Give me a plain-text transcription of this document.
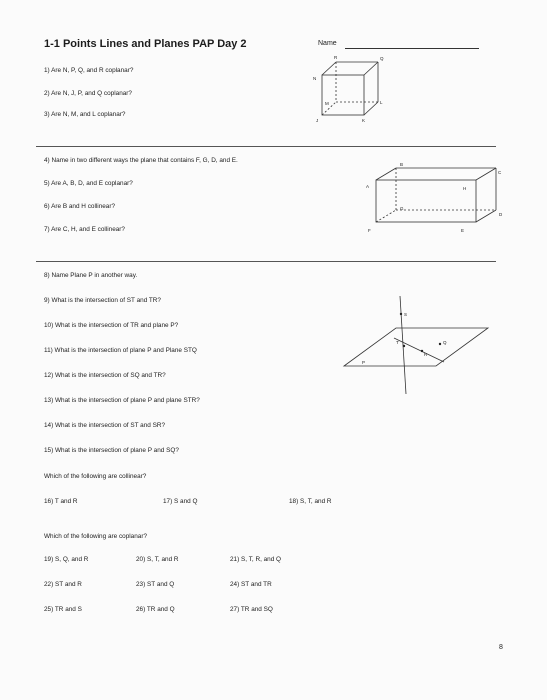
1-1 Points Lines and Planes PAP Day 2	Name
1) Are N, P, Q, and R coplanar?
2) Are N, J, P, and Q coplanar?
3) Are N, M, and L coplanar?
R	Q
N
M	L
J	K
4) Name in two different ways the plane that contains F, G, D, and E.
5) Are A, B, D, and E coplanar?
6) Are B and H collinear?
7) Are C, H, and E collinear?
B
C
A	H
G
D
F	E
8) Name Plane P in another way.
9) What is the intersection of ST and TR?
10) What is the intersection of TR and plane P?
11) What is the intersection of plane P and Plane STQ
12) What is the intersection of SQ and TR?
13) What is the intersection of plane P and plane STR?
14) What is the intersection of ST and SR?
15) What is the intersection of plane P and SQ?
S
T
R
Q
P
Which of the following are collinear?
16) T and R	17) S and Q	18) S, T, and R
Which of the following are coplanar?
19) S, Q, and R	20) S, T, and R	21) S, T, R, and Q
22) ST and R	23) ST and Q	24) ST and TR
25) TR and S	26) TR and Q	27) TR and SQ
8
